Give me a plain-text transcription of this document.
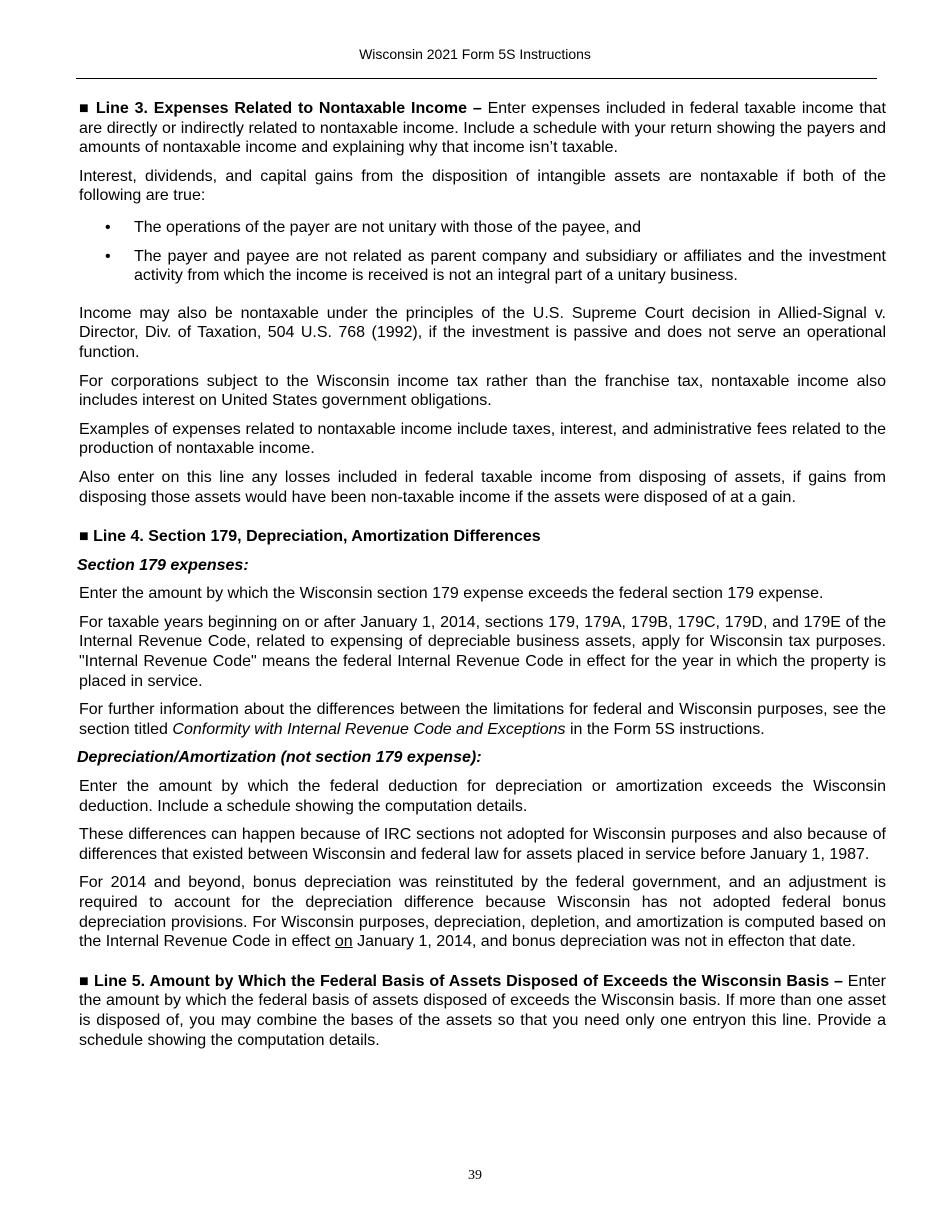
Wisconsin 2021 Form 5S Instructions

■ Line 3. Expenses Related to Nontaxable Income – Enter expenses included in federal taxable income that are directly or indirectly related to nontaxable income. Include a schedule with your return showing the payers and amounts of nontaxable income and explaining why that income isn’t taxable.

Interest, dividends, and capital gains from the disposition of intangible assets are nontaxable if both of the following are true:

• The operations of the payer are not unitary with those of the payee, and
• The payer and payee are not related as parent company and subsidiary or affiliates and the investment activity from which the income is received is not an integral part of a unitary business.

Income may also be nontaxable under the principles of the U.S. Supreme Court decision in Allied-Signal v. Director, Div. of Taxation, 504 U.S. 768 (1992), if the investment is passive and does not serve an operational function.

For corporations subject to the Wisconsin income tax rather than the franchise tax, nontaxable income also includes interest on United States government obligations.

Examples of expenses related to nontaxable income include taxes, interest, and administrative fees related to the production of nontaxable income.

Also enter on this line any losses included in federal taxable income from disposing of assets, if gains from disposing those assets would have been non-taxable income if the assets were disposed of at a gain.

■ Line 4. Section 179, Depreciation, Amortization Differences
Section 179 expenses:

Enter the amount by which the Wisconsin section 179 expense exceeds the federal section 179 expense.

For taxable years beginning on or after January 1, 2014, sections 179, 179A, 179B, 179C, 179D, and 179E of the Internal Revenue Code, related to expensing of depreciable business assets, apply for Wisconsin tax purposes. "Internal Revenue Code" means the federal Internal Revenue Code in effect for the year in which the property is placed in service.

For further information about the differences between the limitations for federal and Wisconsin purposes, see the section titled Conformity with Internal Revenue Code and Exceptions in the Form 5S instructions.

Depreciation/Amortization (not section 179 expense):

Enter the amount by which the federal deduction for depreciation or amortization exceeds the Wisconsin deduction. Include a schedule showing the computation details.

These differences can happen because of IRC sections not adopted for Wisconsin purposes and also because of differences that existed between Wisconsin and federal law for assets placed in service before January 1, 1987.

For 2014 and beyond, bonus depreciation was reinstituted by the federal government, and an adjustment is required to account for the depreciation difference because Wisconsin has not adopted federal bonus depreciation provisions. For Wisconsin purposes, depreciation, depletion, and amortization is computed based on the Internal Revenue Code in effect on January 1, 2014, and bonus depreciation was not in effecton that date.

■ Line 5. Amount by Which the Federal Basis of Assets Disposed of Exceeds the Wisconsin Basis – Enter the amount by which the federal basis of assets disposed of exceeds the Wisconsin basis. If more than one asset is disposed of, you may combine the bases of the assets so that you need only one entryon this line. Provide a schedule showing the computation details.

39
